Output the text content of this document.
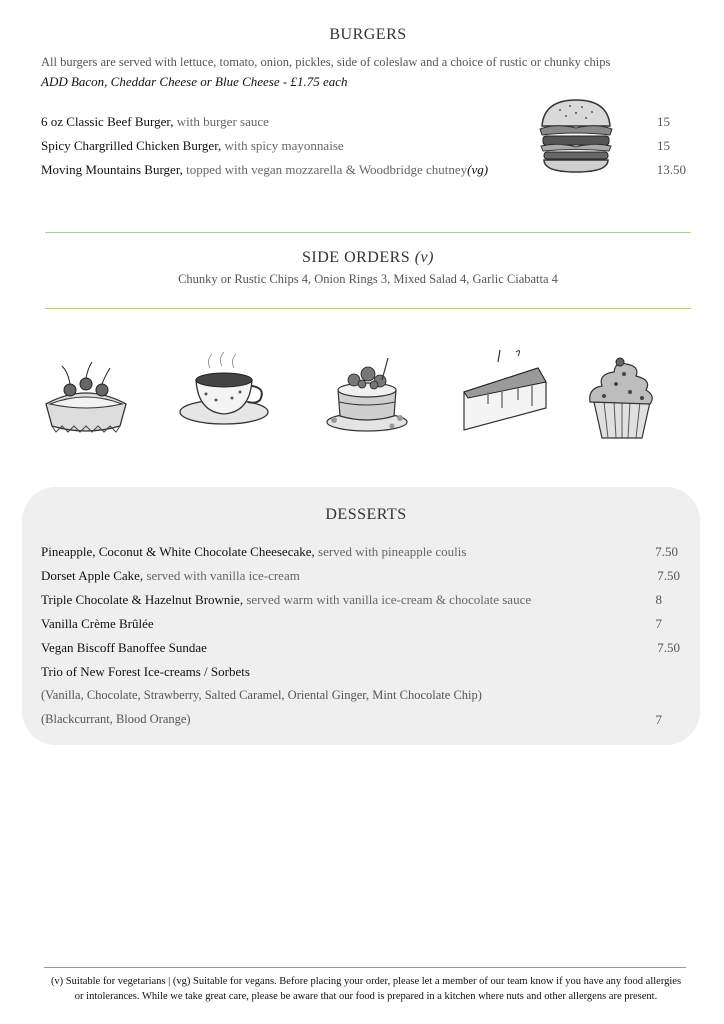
BURGERS
All burgers are served with lettuce, tomato, onion, pickles, side of coleslaw and a choice of rustic or chunky chips
ADD Bacon, Cheddar Cheese or Blue Cheese - £1.75 each
6 oz Classic Beef Burger, with burger sauce	15
Spicy Chargrilled Chicken Burger, with spicy mayonnaise	15
Moving Mountains Burger, topped with vegan mozzarella & Woodbridge chutney(vg)	13.50
SIDE ORDERS (v)
Chunky or Rustic Chips 4, Onion Rings 3, Mixed Salad 4, Garlic Ciabatta 4
DESSERTS
Pineapple, Coconut & White Chocolate Cheesecake, served with pineapple coulis	7.50
Dorset Apple Cake, served with vanilla ice-cream	7.50
Triple Chocolate & Hazelnut Brownie, served warm with vanilla ice-cream & chocolate sauce	8
Vanilla Crème Brûlée	7
Vegan Biscoff Banoffee Sundae	7.50
Trio of New Forest Ice-creams / Sorbets
(Vanilla, Chocolate, Strawberry, Salted Caramel, Oriental Ginger, Mint Chocolate Chip)
(Blackcurrant, Blood Orange)	7
(v) Suitable for vegetarians | (vg) Suitable for vegans. Before placing your order, please let a member of our team know if you have any food allergies
or intolerances. While we take great care, please be aware that our food is prepared in a kitchen where nuts and other allergens are present.
